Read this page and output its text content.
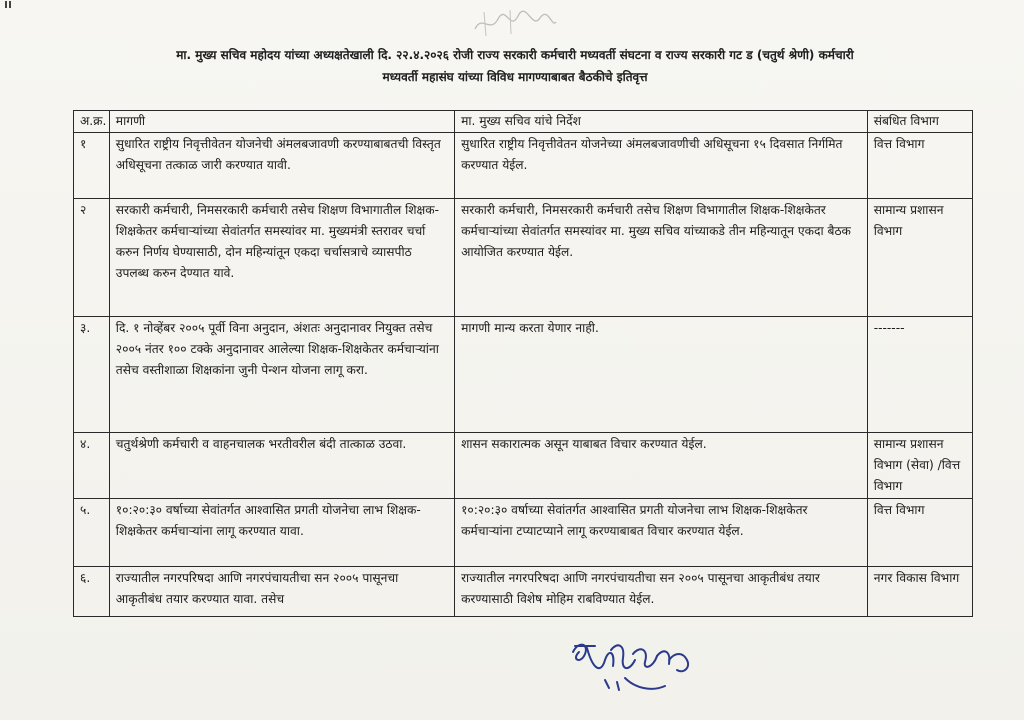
मा. मुख्य सचिव महोदय यांच्या अध्यक्षतेखाली दि. २२.४.२०२६ रोजी राज्य सरकारी कर्मचारी मध्यवर्ती संघटना व राज्य सरकारी गट ड (चतुर्थ श्रेणी) कर्मचारी
मध्यवर्ती महासंघ यांच्या विविध मागण्याबाबत बैठकीचे इतिवृत्त
अ.क्र.	मागणी	मा. मुख्य सचिव यांचे निर्देश	संबधित विभाग
१	सुधारित राष्ट्रीय निवृत्तीवेतन योजनेची अंमलबजावणी करण्याबाबतची विस्तृत अधिसूचना तत्काळ जारी करण्यात यावी.	सुधारित राष्ट्रीय निवृत्तीवेतन योजनेच्या अंमलबजावणीची अधिसूचना १५ दिवसात निर्गमित करण्यात येईल.	वित्त विभाग
२	सरकारी कर्मचारी, निमसरकारी कर्मचारी तसेच शिक्षण विभागातील शिक्षक-शिक्षकेतर कर्मचाऱ्यांच्या सेवांतर्गत समस्यांवर मा. मुख्यमंत्री स्तरावर चर्चा करुन निर्णय घेण्यासाठी, दोन महिन्यांतून एकदा चर्चासत्राचे व्यासपीठ उपलब्ध करुन देण्यात यावे.	सरकारी कर्मचारी, निमसरकारी कर्मचारी तसेच शिक्षण विभागातील शिक्षक-शिक्षकेतर कर्मचाऱ्यांच्या सेवांतर्गत समस्यांवर मा. मुख्य सचिव यांच्याकडे तीन महिन्यातून एकदा बैठक आयोजित करण्यात येईल.	सामान्य प्रशासन विभाग
३.	दि. १ नोव्हेंबर २००५ पूर्वी विना अनुदान, अंशतः अनुदानावर नियुक्त तसेच २००५ नंतर १०० टक्के अनुदानावर आलेल्या शिक्षक-शिक्षकेतर कर्मचाऱ्यांना तसेच वस्तीशाळा शिक्षकांना जुनी पेन्शन योजना लागू करा.	मागणी मान्य करता येणार नाही.	-------
४.	चतुर्थश्रेणी कर्मचारी व वाहनचालक भरतीवरील बंदी तात्काळ उठवा.	शासन सकारात्मक असून याबाबत विचार करण्यात येईल.	सामान्य प्रशासन विभाग (सेवा) /वित्त विभाग
५.	१०:२०:३० वर्षाच्या सेवांतर्गत आश्वासित प्रगती योजनेचा लाभ शिक्षक-शिक्षकेतर कर्मचाऱ्यांना लागू करण्यात यावा.	१०:२०:३० वर्षाच्या सेवांतर्गत आश्वासित प्रगती योजनेचा लाभ शिक्षक-शिक्षकेतर कर्मचाऱ्यांना टप्याटप्याने लागू करण्याबाबत विचार करण्यात येईल.	वित्त विभाग
६.	राज्यातील नगरपरिषदा आणि नगरपंचायतीचा सन २००५ पासूनचा आकृतीबंध तयार करण्यात यावा. तसेच	राज्यातील नगरपरिषदा आणि नगरपंचायतीचा सन २००५ पासूनचा आकृतीबंध तयार करण्यासाठी विशेष मोहिम राबविण्यात येईल.	नगर विकास विभाग
